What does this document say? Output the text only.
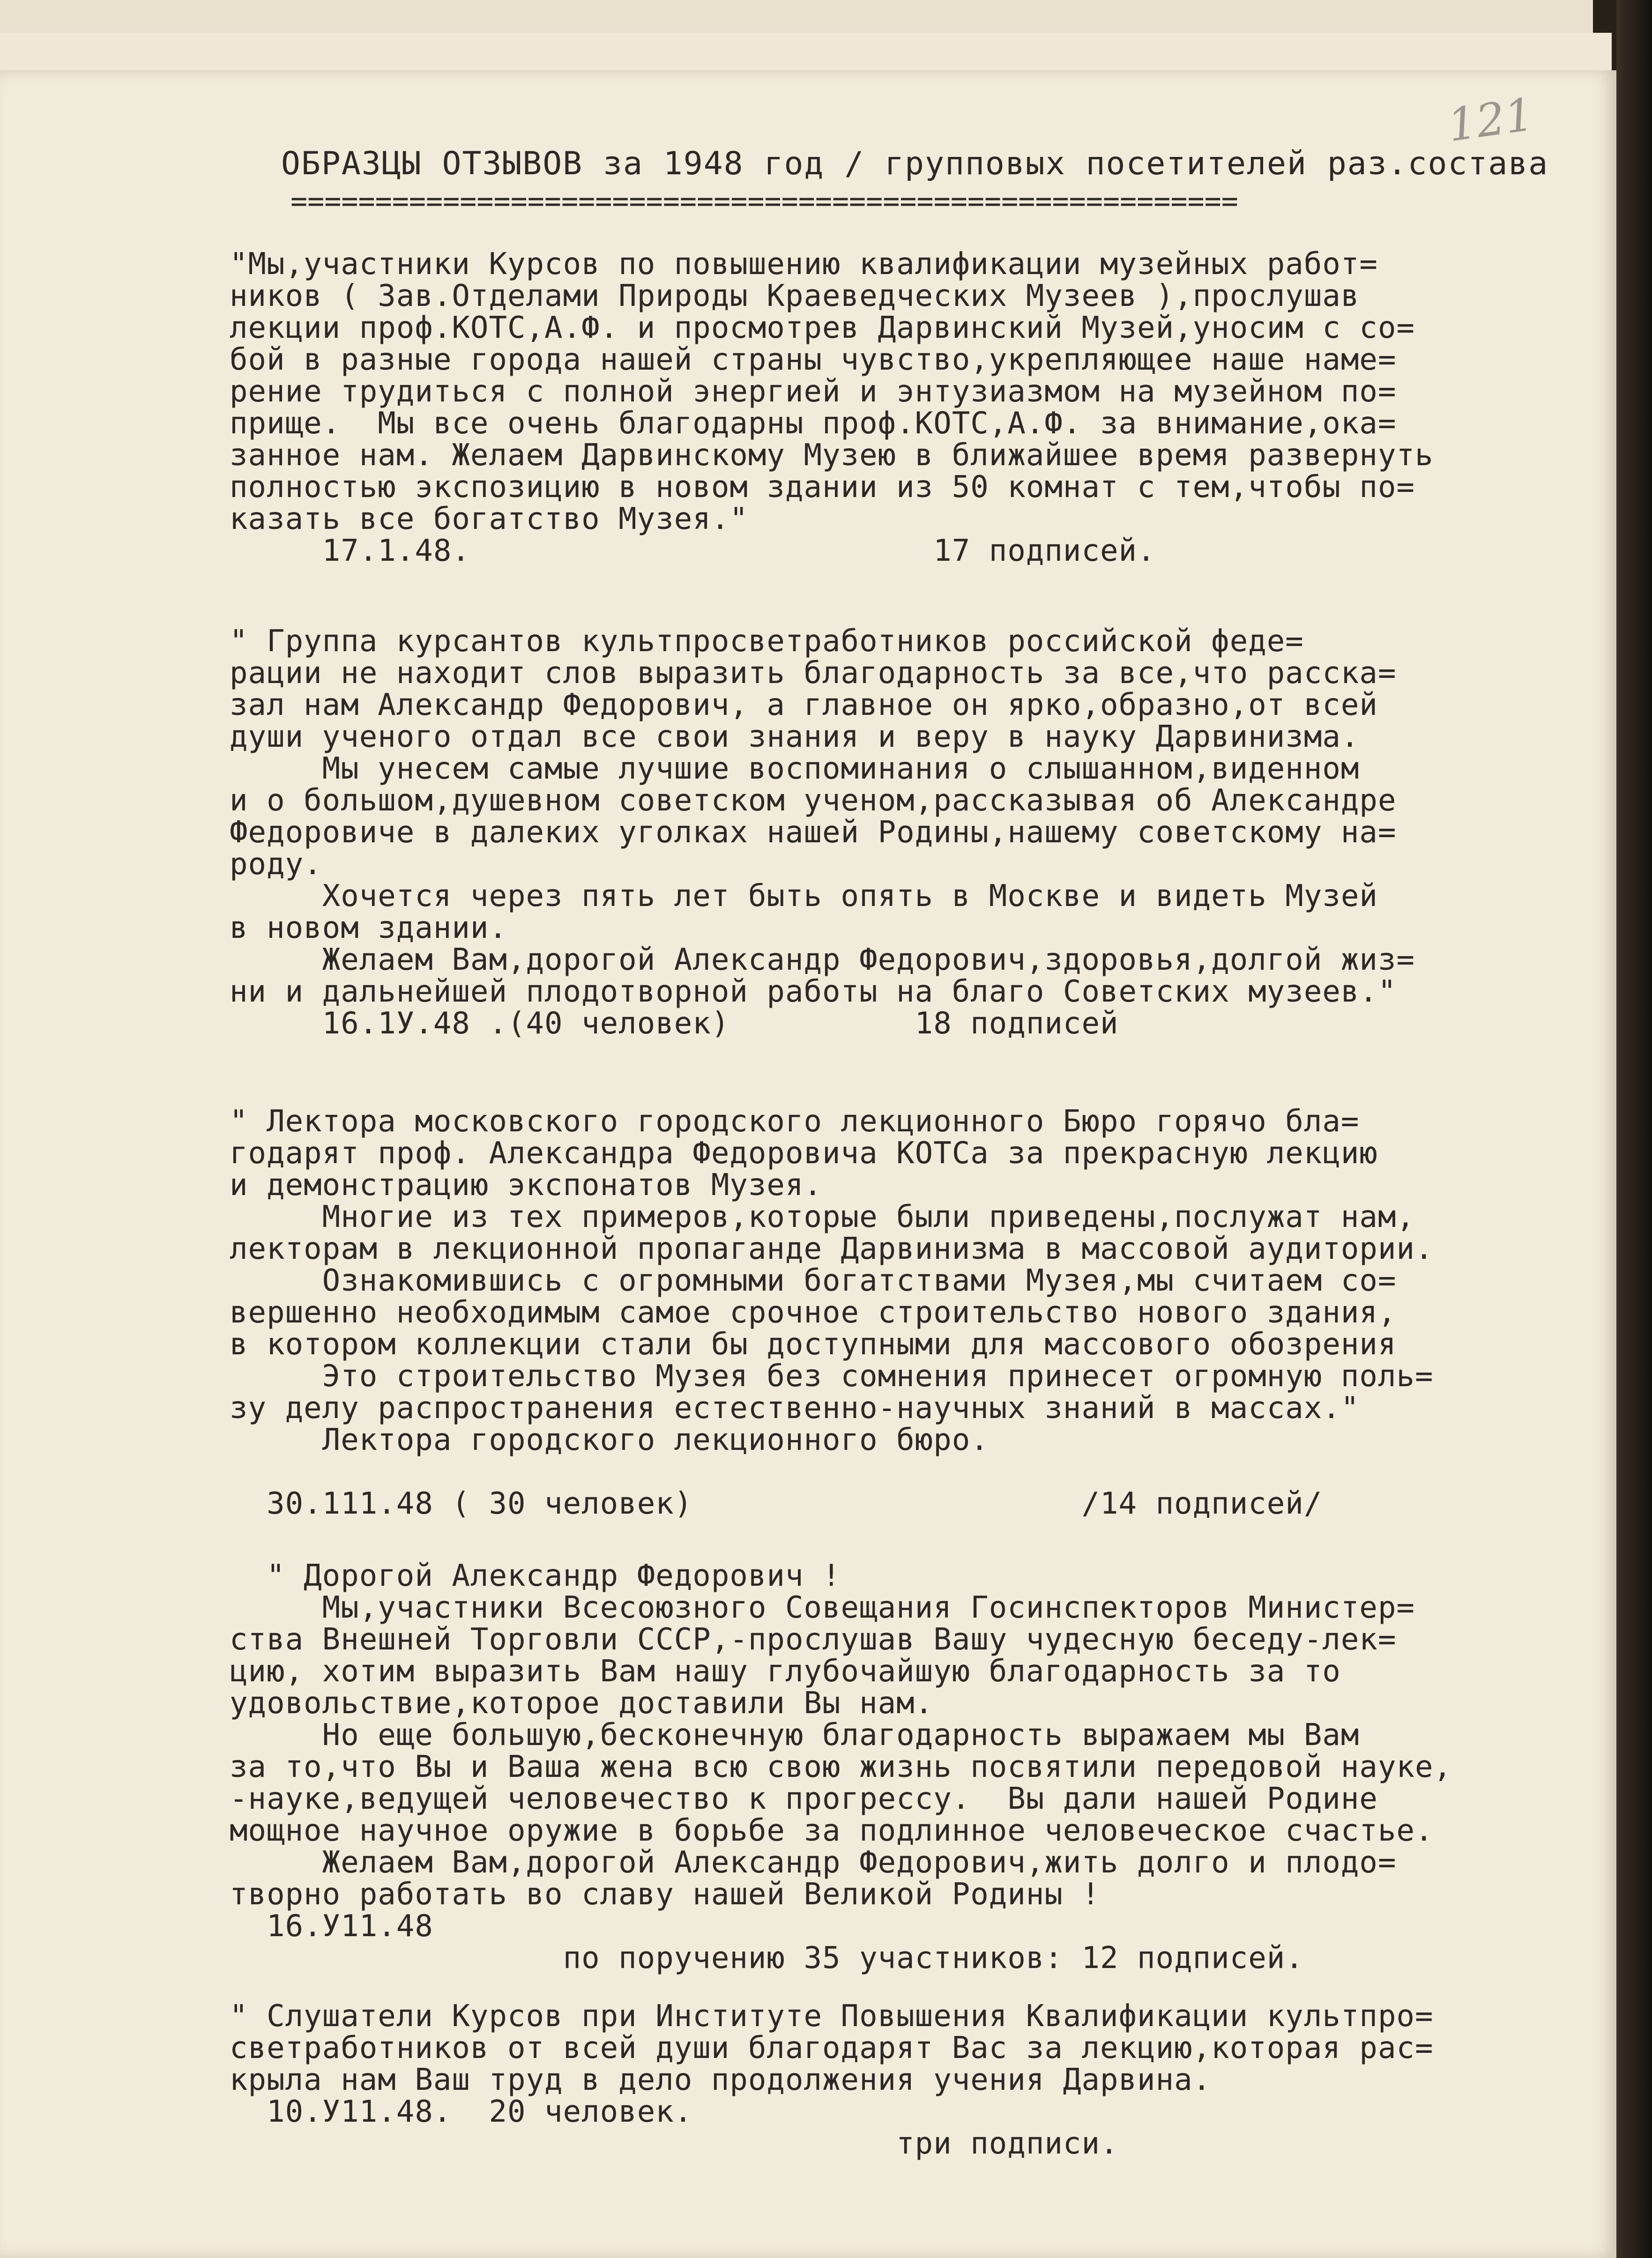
121
ОБРАЗЦЫ ОТЗЫВОВ за 1948 год / групповых посетителей раз.состава
========================================================
"Мы,участники Курсов по повышению квалификации музейных работ=
ников ( Зав.Отделами Природы Краеведческих Музеев ),прослушав
лекции проф.КОТС,А.Ф. и просмотрев Дарвинский Музей,уносим с со=
бой в разные города нашей страны чувство,укрепляющее наше наме=
рение трудиться с полной энергией и энтузиазмом на музейном по=
прище.  Мы все очень благодарны проф.КОТС,А.Ф. за внимание,ока=
занное нам. Желаем Дарвинскому Музею в ближайшее время развернуть
полностью экспозицию в новом здании из 50 комнат с тем,чтобы по=
казать все богатство Музея."
17.1.48.                         17 подписей.
" Группа курсантов культпросветработников российской феде=
рации не находит слов выразить благодарность за все,что расска=
зал нам Александр Федорович, а главное он ярко,образно,от всей
души ученого отдал все свои знания и веру в науку Дарвинизма.
Мы унесем самые лучшие воспоминания о слышанном,виденном
и о большом,душевном советском ученом,рассказывая об Александре
Федоровиче в далеких уголках нашей Родины,нашему советскому на=
роду.
Хочется через пять лет быть опять в Москве и видеть Музей
в новом здании.
Желаем Вам,дорогой Александр Федорович,здоровья,долгой жиз=
ни и дальнейшей плодотворной работы на благо Советских музеев."
16.1У.48 .(40 человек)          18 подписей
" Лектора московского городского лекционного Бюро горячо бла=
годарят проф. Александра Федоровича КОТСа за прекрасную лекцию
и демонстрацию экспонатов Музея.
Многие из тех примеров,которые были приведены,послужат нам,
лекторам в лекционной пропаганде Дарвинизма в массовой аудитории.
Ознакомившись с огромными богатствами Музея,мы считаем со=
вершенно необходимым самое срочное строительство нового здания,
в котором коллекции стали бы доступными для массового обозрения
Это строительство Музея без сомнения принесет огромную поль=
зу делу распространения естественно-научных знаний в массах."
Лектора городского лекционного бюро.

30.111.48 ( 30 человек)                     /14 подписей/
" Дорогой Александр Федорович !
Мы,участники Всесоюзного Совещания Госинспекторов Министер=
ства Внешней Торговли СССР,-прослушав Вашу чудесную беседу-лек=
цию, хотим выразить Вам нашу глубочайшую благодарность за то
удовольствие,которое доставили Вы нам.
Но еще большую,бесконечную благодарность выражаем мы Вам
за то,что Вы и Ваша жена всю свою жизнь посвятили передовой науке,
-науке,ведущей человечество к прогрессу.  Вы дали нашей Родине
мощное научное оружие в борьбе за подлинное человеческое счастье.
Желаем Вам,дорогой Александр Федорович,жить долго и плодо=
творно работать во славу нашей Великой Родины !
16.У11.48
по поручению 35 участников: 12 подписей.
" Слушатели Курсов при Институте Повышения Квалификации культпро=
светработников от всей души благодарят Вас за лекцию,которая рас=
крыла нам Ваш труд в дело продолжения учения Дарвина.
10.У11.48.  20 человек.
три подписи.
